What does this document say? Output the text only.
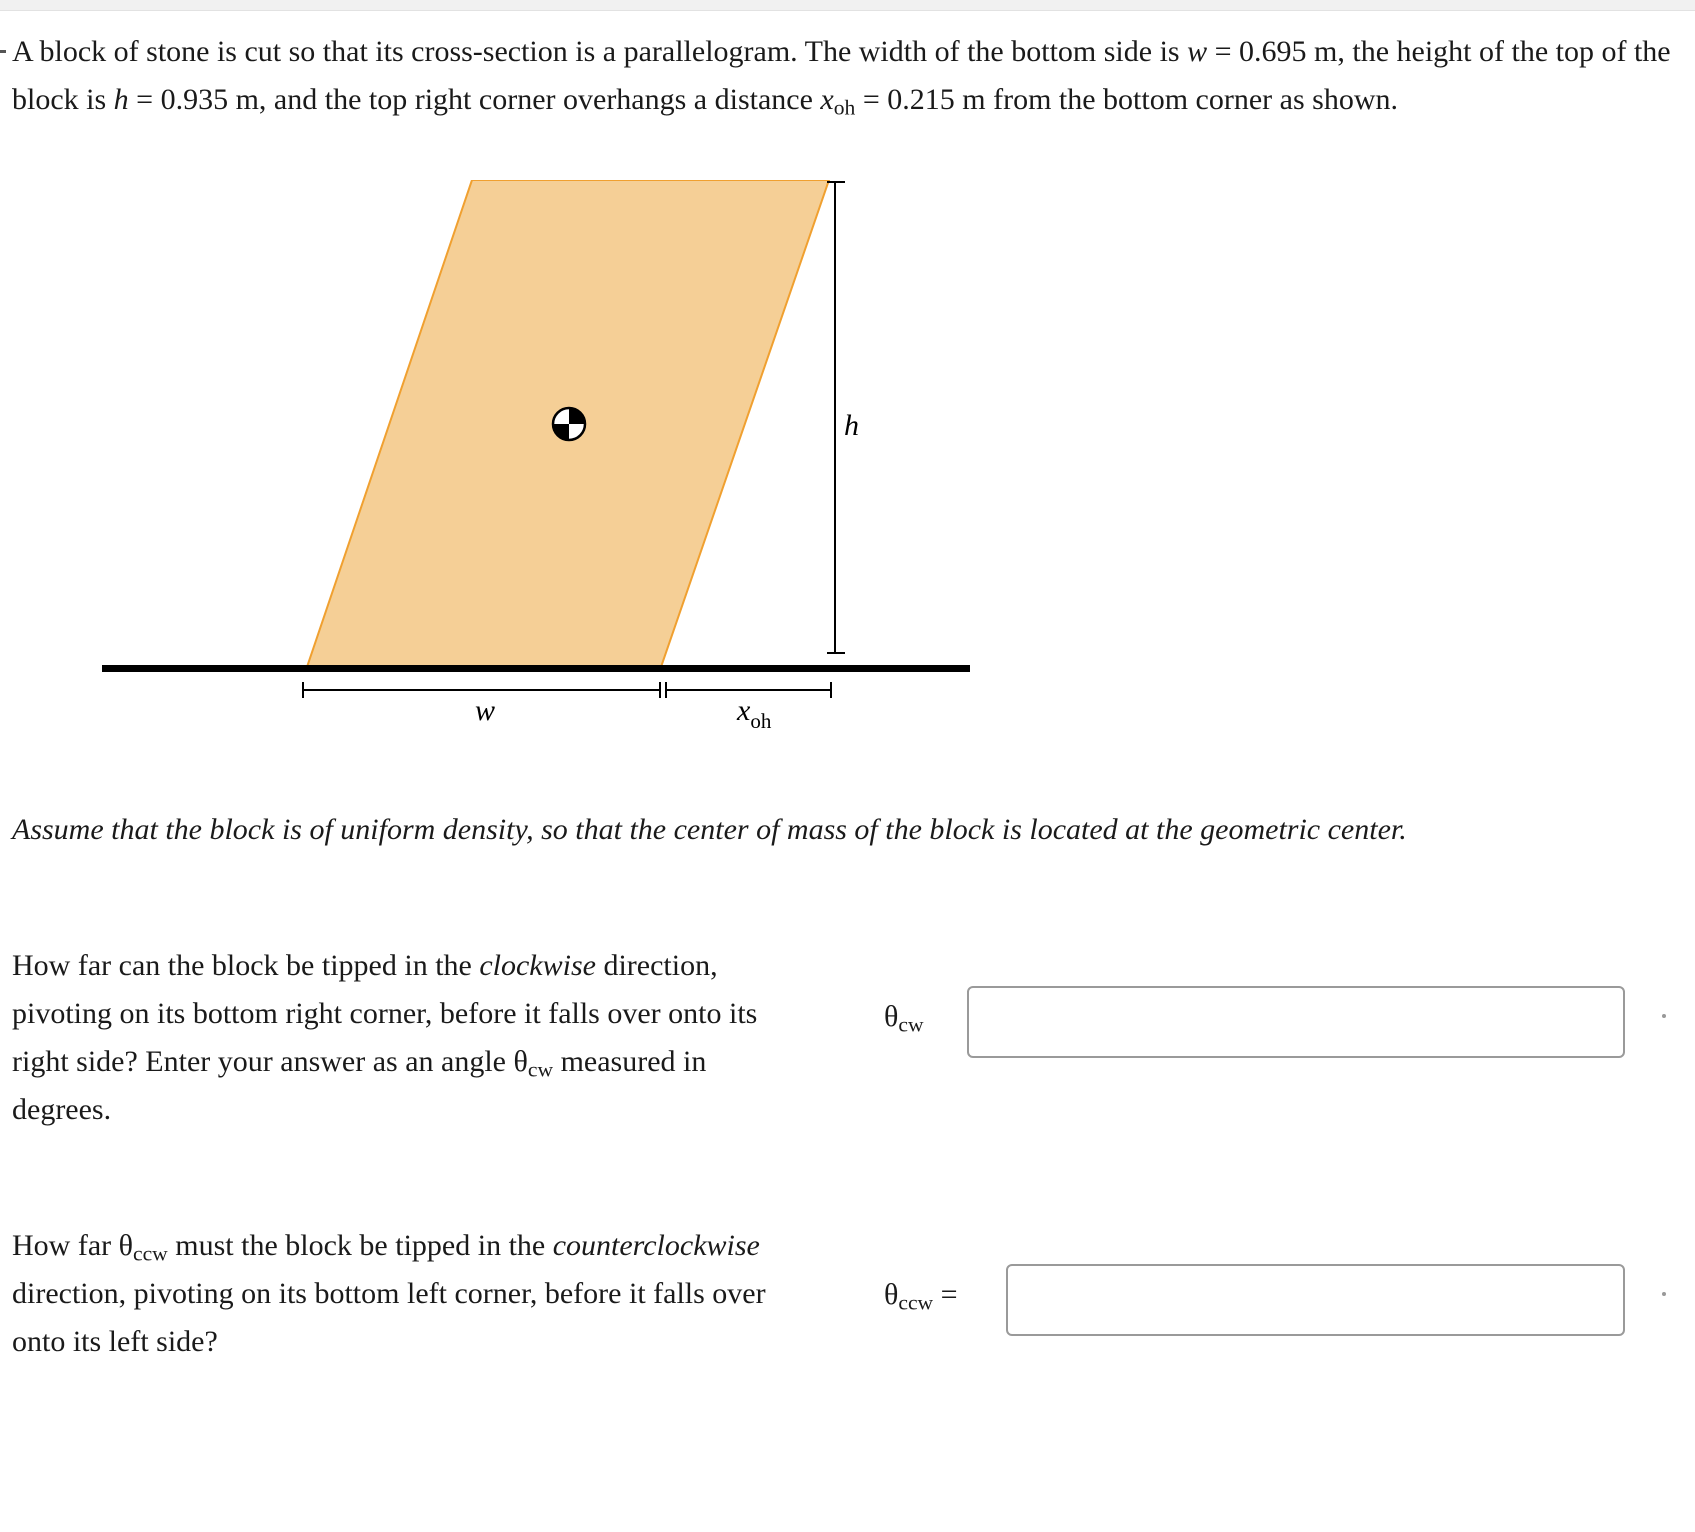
A block of stone is cut so that its cross-section is a parallelogram. The width of the bottom side is w = 0.695 m, the height of the top of the block is h = 0.935 m, and the top right corner overhangs a distance $x_{oh} = 0.215$ m from the bottom corner as shown.

h
w	$x_{oh}$

Assume that the block is of uniform density, so that the center of mass of the block is located at the geometric center.

How far can the block be tipped in the clockwise direction, pivoting on its bottom right corner, before it falls over onto its right side? Enter your answer as an angle $\theta_{cw}$ measured in degrees.

$\theta_{cw}$

How far $\theta_{ccw}$ must the block be tipped in the counterclockwise direction, pivoting on its bottom left corner, before it falls over onto its left side?

$\theta_{ccw}$ =
